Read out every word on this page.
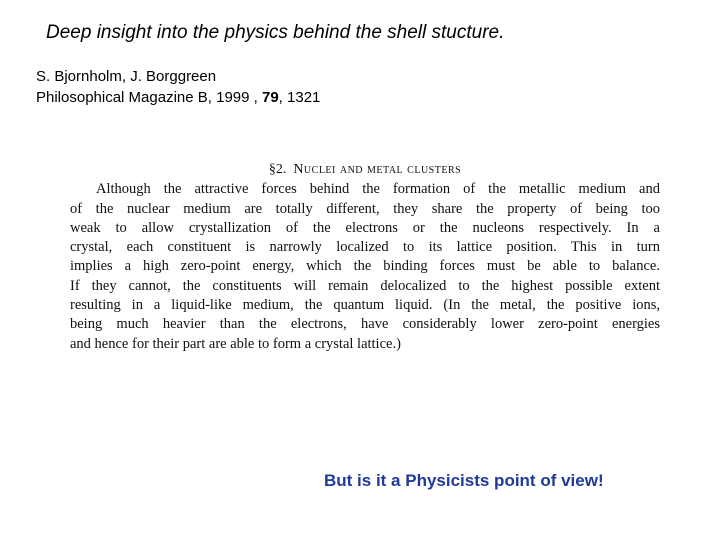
Deep insight into the physics behind the shell stucture.
S. Bjornholm, J. Borggreen
Philosophical Magazine B, 1999 , 79, 1321
§2. Nuclei and metal clusters
Although the attractive forces behind the formation of the metallic medium and
of the nuclear medium are totally different, they share the property of being too
weak to allow crystallization of the electrons or the nucleons respectively. In a
crystal, each constituent is narrowly localized to its lattice position. This in turn
implies a high zero-point energy, which the binding forces must be able to balance.
If they cannot, the constituents will remain delocalized to the highest possible extent
resulting in a liquid-like medium, the quantum liquid. (In the metal, the positive ions,
being much heavier than the electrons, have considerably lower zero-point energies
and hence for their part are able to form a crystal lattice.)
But is it a Physicists point of view!
